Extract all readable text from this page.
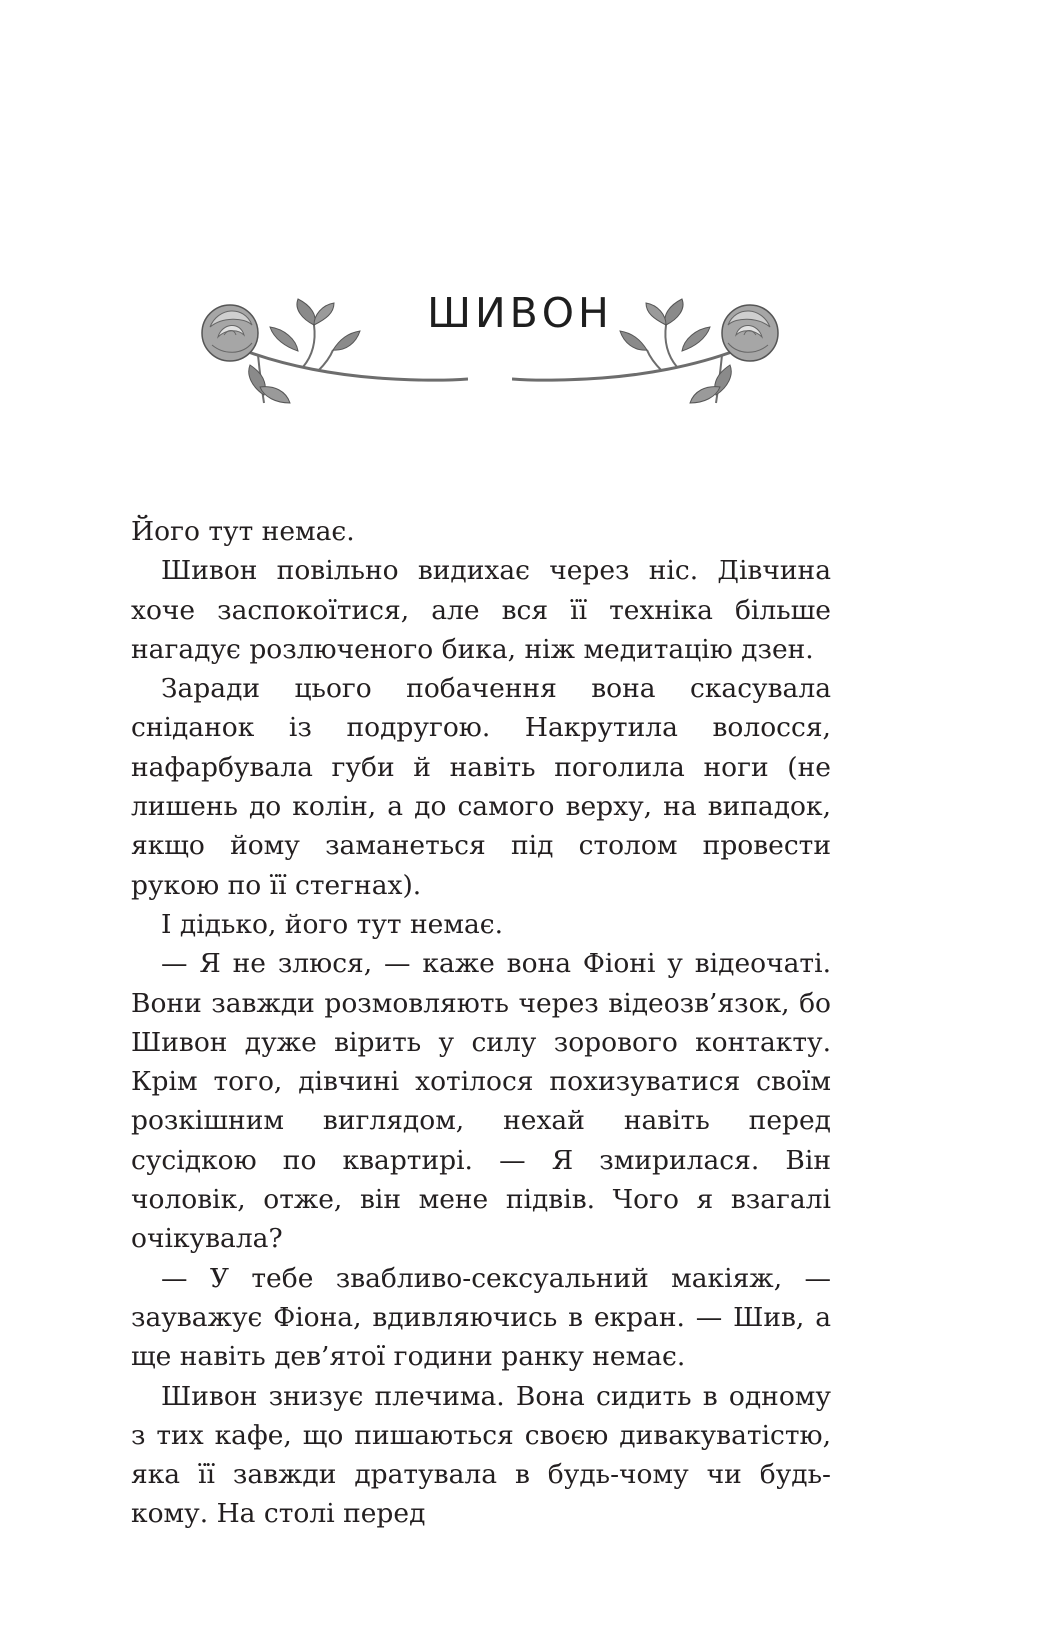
ШИВОН

Його тут немає.

Шивон повільно видихає через ніс. Дівчина хоче заспокоїтися, але вся її техніка більше нагадує розлюченого бика, ніж медитацію дзен.

Заради цього побачення вона скасувала сніданок із подругою. Накрутила волосся, нафарбувала губи й навіть поголила ноги (не лишень до колін, а до самого верху, на випадок, якщо йому заманеться під столом провести рукою по її стегнах).

І дідько, його тут немає.

— Я не злюся, — каже вона Фіоні у відеочаті. Вони завжди розмовляють через відеозв’язок, бо Шивон дуже вірить у силу зорового контакту. Крім того, дівчині хотілося похизуватися своїм розкішним виглядом, нехай навіть перед сусідкою по квартирі. — Я змирилася. Він чоловік, отже, він мене підвів. Чого я взагалі очікувала?

— У тебе звабливо-сексуальний макіяж, — зауважує Фіона, вдивляючись в екран. — Шив, а ще навіть дев’ятої години ранку немає.

Шивон знизує плечима. Вона сидить в одному з тих кафе, що пишаються своєю дивакуватістю, яка її завжди дратувала в будь-чому чи будь-кому. На столі перед
